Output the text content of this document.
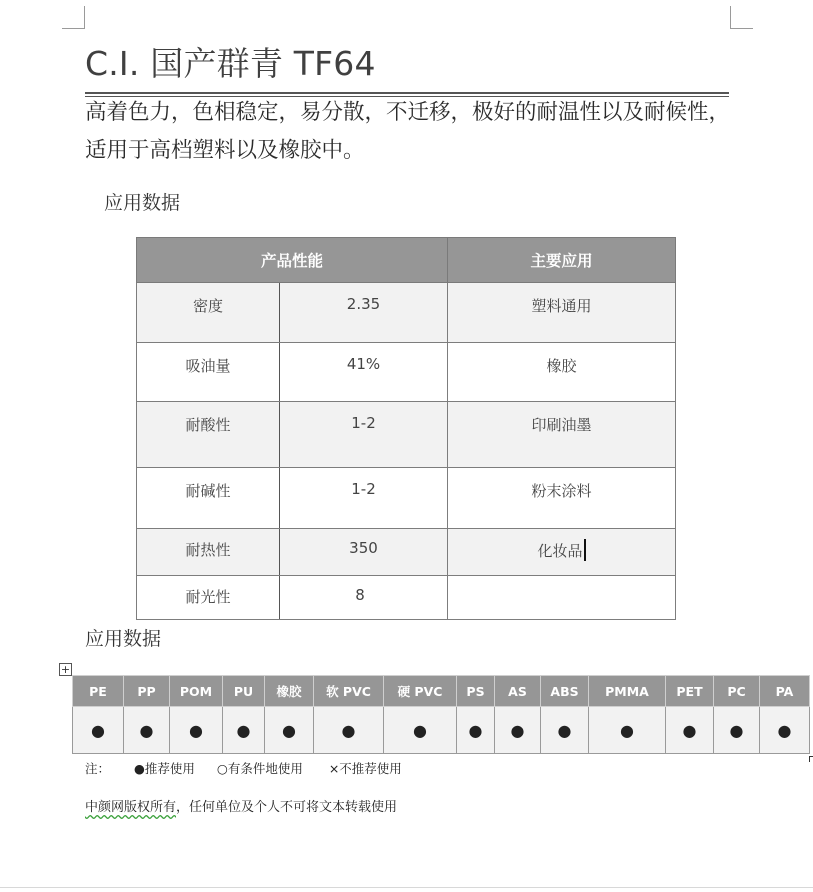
C.I. 国产群青 TF64
高着色力，色相稳定，易分散，不迁移，极好的耐温性以及耐候性，适用于高档塑料以及橡胶中。
应用数据
产品性能		主要应用
密度	2.35	塑料通用
吸油量	41%	橡胶
耐酸性	1-2	印刷油墨
耐碱性	1-2	粉末涂料
耐热性	350	化妆品
耐光性	8	
应用数据
+
PE	PP	POM	PU	橡胶	软 PVC	硬 PVC	PS	AS	ABS	PMMA	PET	PC	PA
●	●	●	●	●	●	●	●	●	●	●	●	●	●
注： ●推荐使用 ○有条件地使用 ×不推荐使用
中颜网版权所有，任何单位及个人不可将文本转载使用
